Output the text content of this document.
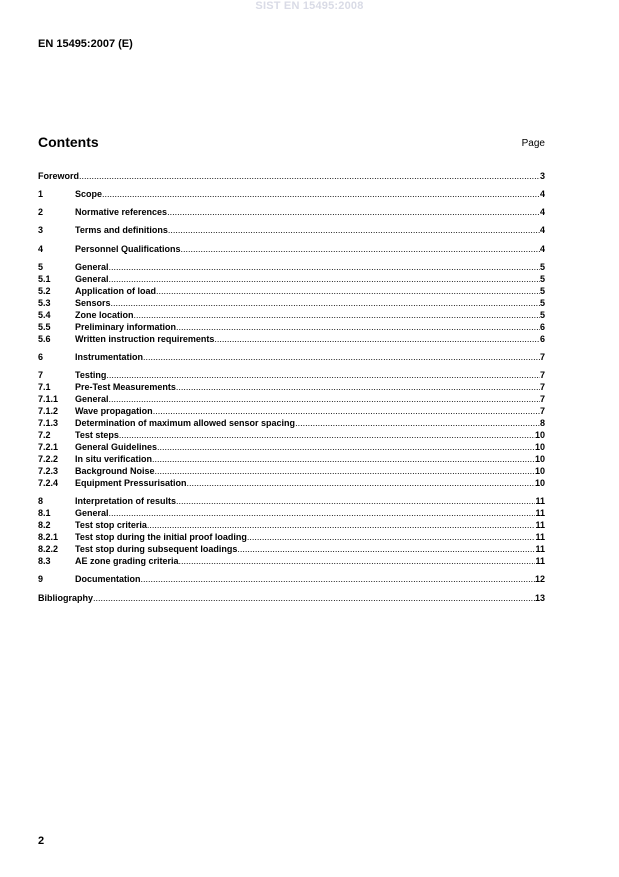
SIST EN 15495:2008
EN 15495:2007 (E)
Contents	Page
Foreword .....	3
1	Scope .....	4
2	Normative references .....	4
3	Terms and definitions .....	4
4	Personnel Qualifications .....	4
5	General .....	5
5.1	General .....	5
5.2	Application of load .....	5
5.3	Sensors .....	5
5.4	Zone location .....	5
5.5	Preliminary information .....	6
5.6	Written instruction requirements .....	6
6	Instrumentation .....	7
7	Testing .....	7
7.1	Pre-Test Measurements .....	7
7.1.1	General .....	7
7.1.2	Wave propagation .....	7
7.1.3	Determination of maximum allowed sensor spacing .....	8
7.2	Test steps .....	10
7.2.1	General Guidelines .....	10
7.2.2	In situ verification .....	10
7.2.3	Background Noise .....	10
7.2.4	Equipment Pressurisation .....	10
8	Interpretation of results .....	11
8.1	General .....	11
8.2	Test stop criteria .....	11
8.2.1	Test stop during the initial proof loading .....	11
8.2.2	Test stop during subsequent loadings .....	11
8.3	AE zone grading criteria .....	11
9	Documentation .....	12
Bibliography .....	13
2
